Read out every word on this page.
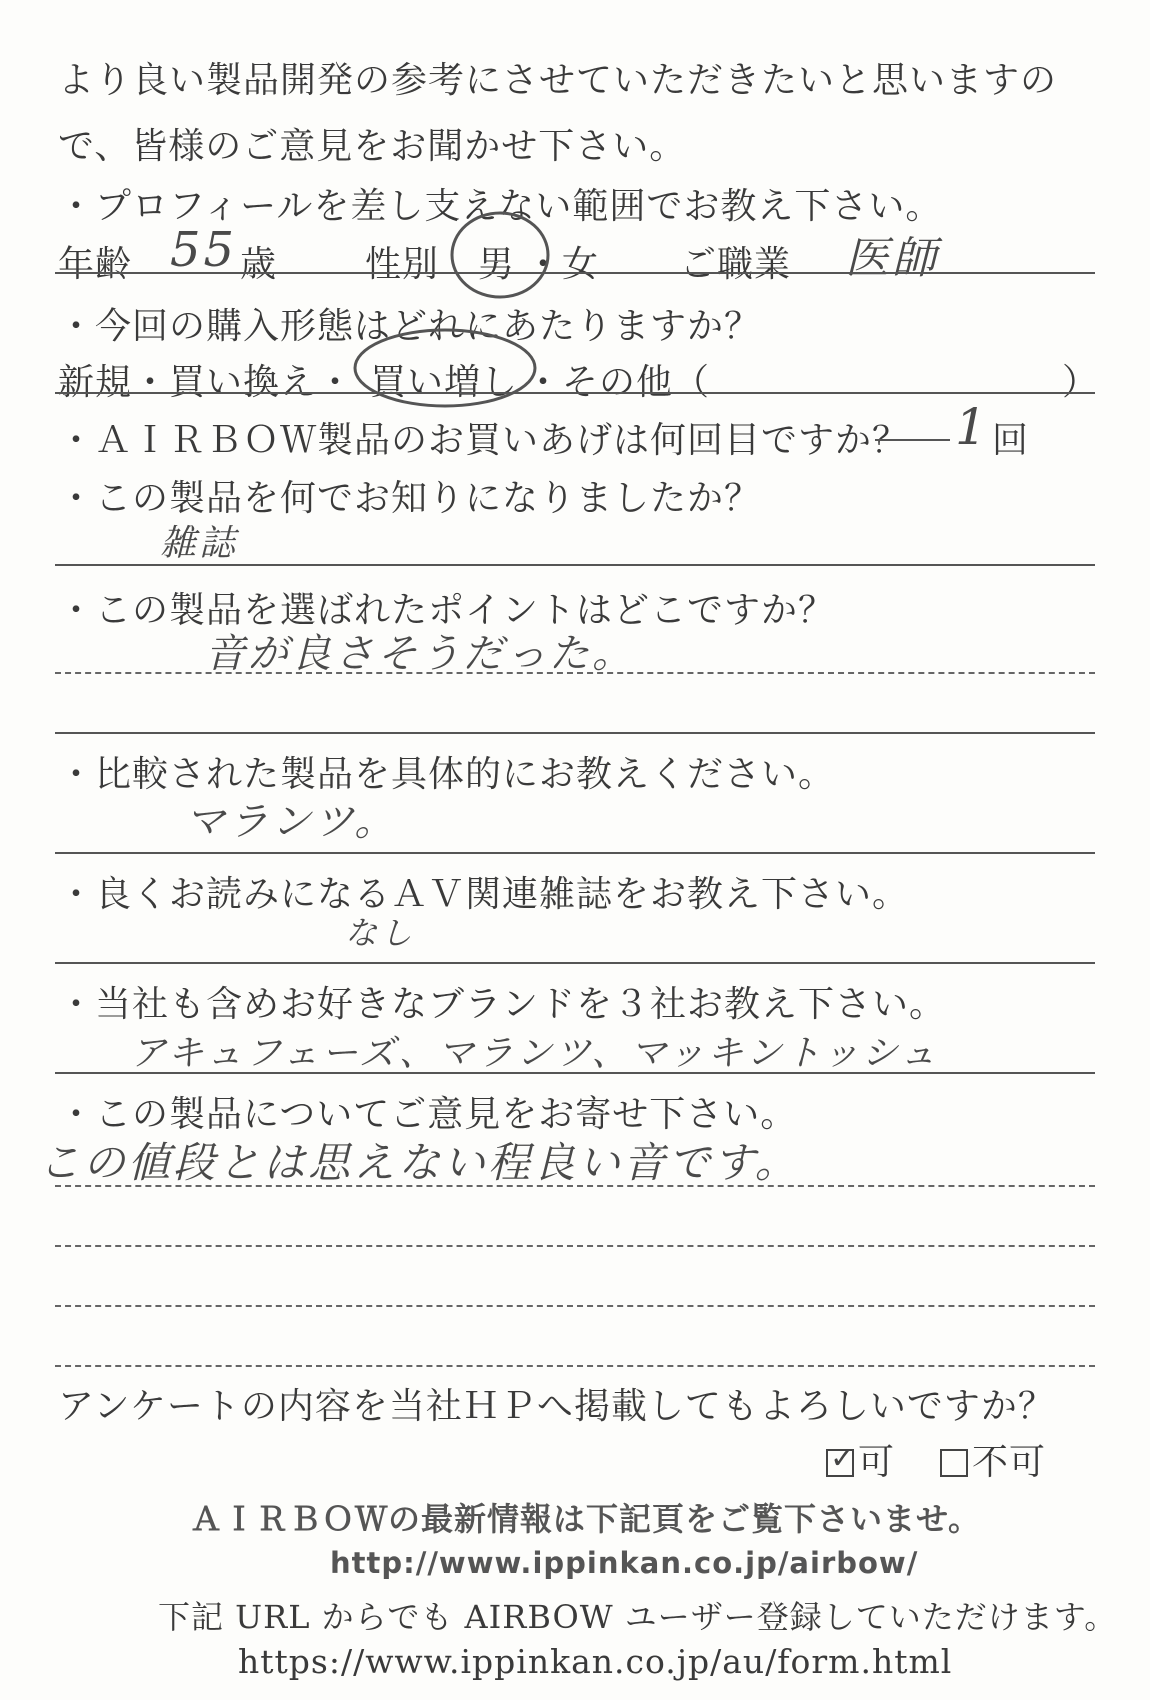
より良い製品開発の参考にさせていただきたいと思いますの
で、皆様のご意見をお聞かせ下さい。
・プロフィールを差し支えない範囲でお教え下さい。
年齢 55 歳 性別 男 ・ 女 ご職業 医師
・今回の購入形態はどれにあたりますか？
新規・買い換え・ 買い増し ・その他（	）
・ＡＩＲＢＯＷ製品のお買いあげは何回目ですか？ 1 回
・この製品を何でお知りになりましたか？
雑誌
・この製品を選ばれたポイントはどこですか？
音が良さそうだった。
・比較された製品を具体的にお教えください。
マランツ。
・良くお読みになるＡＶ関連雑誌をお教え下さい。
なし
・当社も含めお好きなブランドを３社お教え下さい。
アキュフェーズ、マランツ、マッキントッシュ
・この製品についてご意見をお寄せ下さい。
この値段とは思えない程良い音です。
アンケートの内容を当社ＨＰへ掲載してもよろしいですか？
✓可	不可
ＡＩＲＢＯＷの最新情報は下記頁をご覧下さいませ。
http://www.ippinkan.co.jp/airbow/
下記 URL からでも AIRBOW ユーザー登録していただけます。
https://www.ippinkan.co.jp/au/form.html
